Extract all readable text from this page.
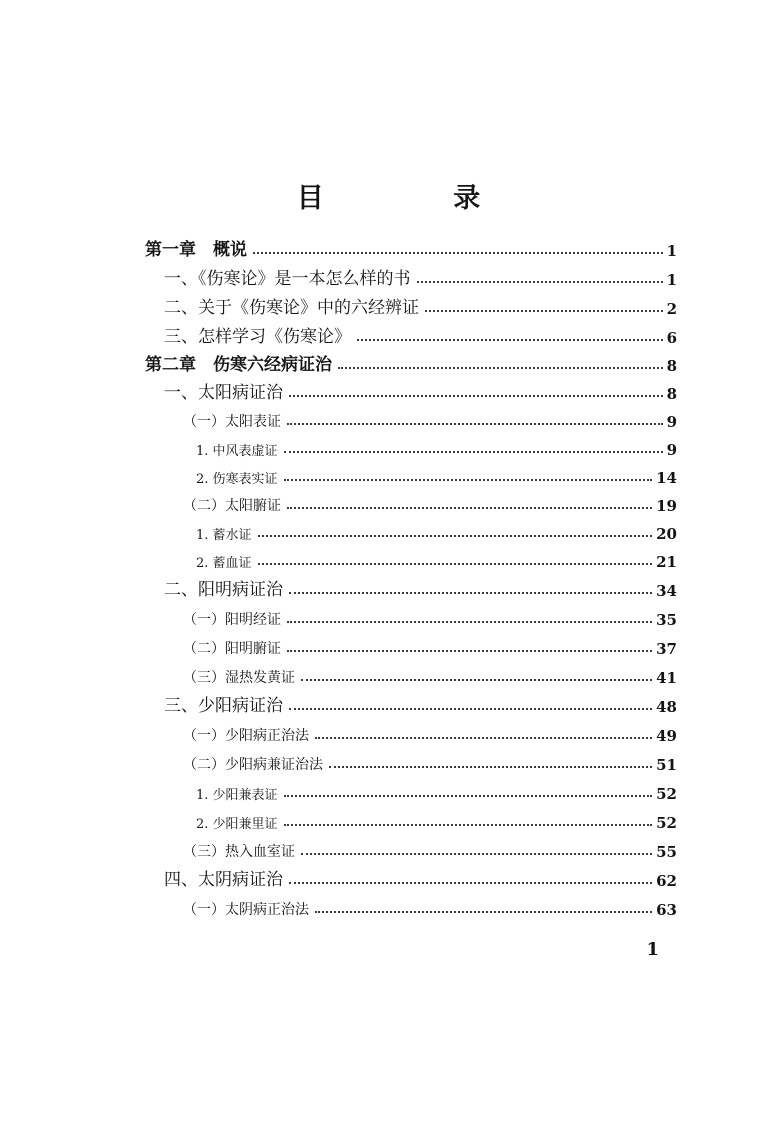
目 录
第一章　概说	1
一、《伤寒论》是一本怎么样的书	1
二、关于《伤寒论》中的六经辨证	2
三、怎样学习《伤寒论》	6
第二章　伤寒六经病证治	8
一、太阳病证治	8
（一）太阳表证	9
1. 中风表虚证	9
2. 伤寒表实证	14
（二）太阳腑证	19
1. 蓄水证	20
2. 蓄血证	21
二、阳明病证治	34
（一）阳明经证	35
（二）阳明腑证	37
（三）湿热发黄证	41
三、少阳病证治	48
（一）少阳病正治法	49
（二）少阳病兼证治法	51
1. 少阳兼表证	52
2. 少阳兼里证	52
（三）热入血室证	55
四、太阴病证治	62
（一）太阴病正治法	63
1
